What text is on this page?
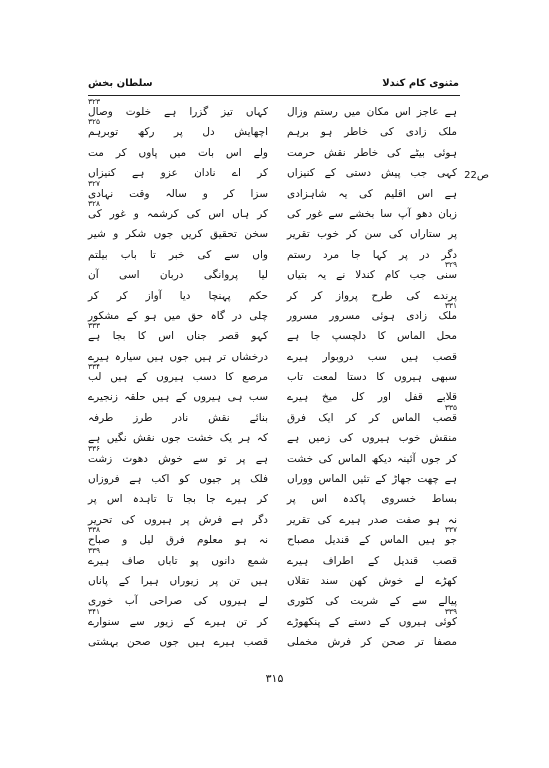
مثنوی کام کندلا
سلطان بخش
ص22
ہے عاجز اس مکان میں رستم وزال
ملک زادی کی خاطر ہو برہم
ہوئی بیٹے کی خاطر نقش حرمت
کہی جب پیش دستی کے کنیزاں
ہے اس اقلیم کی یہ شاہزادی
زبان دھو آپ سا بخشے سے غور کی
پر ستاراں کی سن کر خوب تقریر
دگر در پر کہا جا مرد رستم
سنی جب کام کندلا نے یہ بتیاں
۳۲۹
پرندے کی طرح پرواز کر کر
ملک زادی ہوئی مسرور مسرور
۳۳۱
محل الماس کا دلچسپ جا ہے
قصب ہیں سب دروبوار ہیرے
سبھی ہیروں کا دستا لمعت تاب
قلابے قفل اور کل میخ ہیرے
قصب الماس کر کر ایک فرق
۳۳۵
منقش خوب ہیروں کی زمیں ہے
کر جوں آئینہ دیکھ الماس کی خشت
ہے چھت جھاڑ کے تئیں الماس ووراں
بساط خسروی پاکدہ اس پر
نہ ہو صفت صدر ہیرے کی تقریر
جو ہیں الماس کے قندیل مصباح
۳۳۷
قصب قندیل کے اطراف ہیرے
کھڑے لے خوش کھن سند تقلاں
پیالے سے کے شربت کی کٹوری
کوئی ہیروں کے دستے کے پنکھوڑے
۳۳۹
مصفا تر صحن کر فرش مخملی
کہاں تیز گزرا ہے خلوت وصال
۳۲۳
اچھایش دل پر رکھ توبرہم
۳۲۵
ولے اس بات میں پاوں کر مت
کر اے نادان عزو ہے کنیزاں
سزا کر و سالہ وقت نہادی
۳۲۷
کر ہاں اس کی کرشمہ و غور کی
۳۲۸
سخن تحقیق کریں جوں شکر و شیر
واں سے کی خبر تا باب بیلتم
لیا پروانگی دربان اسی آن
حکم پہنچا دیا آواز کر کر
چلی در گاہ حق میں ہو کے مشکور
کہو قصر جناں اس کا بجا ہے
۳۳۳
درخشاں تر ہیں جوں ہیں سیارہ ہیرے
مرصع کا دسب ہیروں کے ہیں لب
۳۳۴
سب ہی ہیروں کے ہیں حلقہ زنجیرے
بنائے نقش نادر طرز طرفہ
کہ ہر یک خشت جوں نقش نگیں ہے
ہے پر تو سے خوش دھوت زشت
۳۳۶
فلک پر جیوں کو اکب ہے فروزاں
کر ہیرے جا بجا تا تاہدہ اس پر
دگر ہے فرش پر ہیروں کی تحریر
نہ ہو معلوم فرق لیل و صباح
۳۳۸
شمع دانوں پو تاباں صاف ہیرے
۳۳۹
ہیں تن پر زیوراں ہیرا کے پاناں
لے ہیروں کی صراحی آب خوری
کر تن ہیرے کے زیور سے سنوارے
۳۴۱
قصب ہیرے ہیں جوں صحن بہشتی
۳۱۵
